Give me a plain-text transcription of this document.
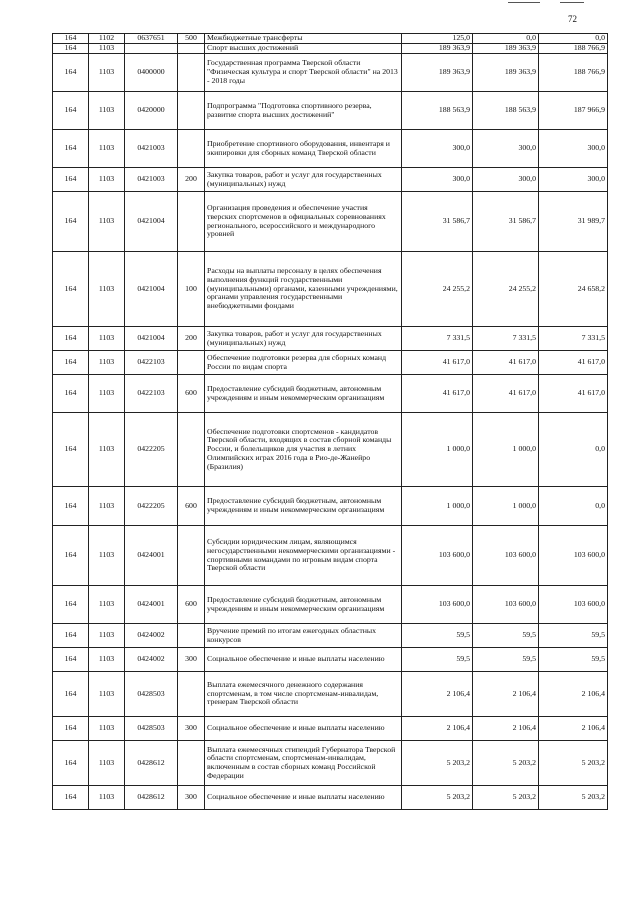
72
164	1102	0637651	500	Межбюджетные трансферты	125,0	0,0	0,0
164	1103			Спорт высших достижений	189 363,9	189 363,9	188 766,9
164	1103	0400000		Государственная программа Тверской области "Физическая культура и спорт Тверской области" на 2013 - 2018 годы	189 363,9	189 363,9	188 766,9
164	1103	0420000		Подпрограмма "Подготовка спортивного резерва, развитие спорта высших достижений"	188 563,9	188 563,9	187 966,9
164	1103	0421003		Приобретение спортивного оборудования, инвентаря и экипировки для сборных команд Тверской области	300,0	300,0	300,0
164	1103	0421003	200	Закупка товаров, работ и услуг для государственных (муниципальных) нужд	300,0	300,0	300,0
164	1103	0421004		Организация проведения и обеспечение участия тверских спортсменов в официальных соревнованиях регионального, всероссийского и международного уровней	31 586,7	31 586,7	31 989,7
164	1103	0421004	100	Расходы на выплаты персоналу в целях обеспечения выполнения функций государственными (муниципальными) органами, казенными учреждениями, органами управления государственными внебюджетными фондами	24 255,2	24 255,2	24 658,2
164	1103	0421004	200	Закупка товаров, работ и услуг для государственных (муниципальных) нужд	7 331,5	7 331,5	7 331,5
164	1103	0422103		Обеспечение подготовки резерва для сборных команд России по видам спорта	41 617,0	41 617,0	41 617,0
164	1103	0422103	600	Предоставление субсидий бюджетным, автономным учреждениям и иным некоммерческим организациям	41 617,0	41 617,0	41 617,0
164	1103	0422205		Обеспечение подготовки спортсменов - кандидатов Тверской области, входящих в состав сборной команды России, и болельщиков для участия в летних Олимпийских играх 2016 года в Рио-де-Жанейро (Бразилия)	1 000,0	1 000,0	0,0
164	1103	0422205	600	Предоставление субсидий бюджетным, автономным учреждениям и иным некоммерческим организациям	1 000,0	1 000,0	0,0
164	1103	0424001		Субсидии юридическим лицам, являющимся негосударственными некоммерческими организациями - спортивными командами по игровым видам спорта Тверской области	103 600,0	103 600,0	103 600,0
164	1103	0424001	600	Предоставление субсидий бюджетным, автономным учреждениям и иным некоммерческим организациям	103 600,0	103 600,0	103 600,0
164	1103	0424002		Вручение премий по итогам ежегодных областных конкурсов	59,5	59,5	59,5
164	1103	0424002	300	Социальное обеспечение и иные выплаты населению	59,5	59,5	59,5
164	1103	0428503		Выплата ежемесячного денежного содержания спортсменам, в том числе спортсменам-инвалидам, тренерам Тверской области	2 106,4	2 106,4	2 106,4
164	1103	0428503	300	Социальное обеспечение и иные выплаты населению	2 106,4	2 106,4	2 106,4
164	1103	0428612		Выплата ежемесячных стипендий Губернатора Тверской области спортсменам, спортсменам-инвалидам, включенным в состав сборных команд Российской Федерации	5 203,2	5 203,2	5 203,2
164	1103	0428612	300	Социальное обеспечение и иные выплаты населению	5 203,2	5 203,2	5 203,2
